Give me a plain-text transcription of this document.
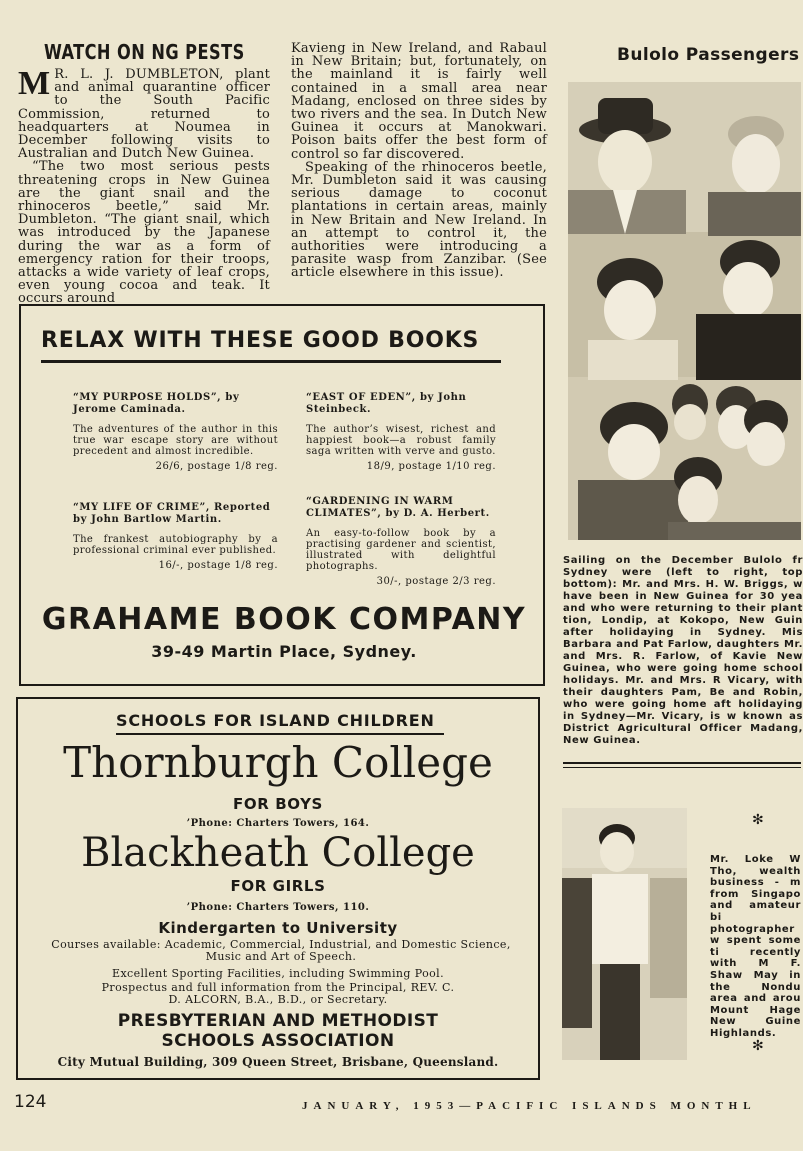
WATCH ON NG PESTS

M R. L. J. DUMBLETON, plant and animal quarantine officer to the South Pacific Commission, returned to headquarters at Noumea in December following visits to Australian and Dutch New Guinea.

“The two most serious pests threatening crops in New Guinea are the giant snail and the rhinoceros beetle,” said Mr. Dumbleton. “The giant snail, which was introduced by the Japanese during the war as a form of emergency ration for their troops, attacks a wide variety of leaf crops, even young cocoa and teak. It occurs around

Kavieng in New Ireland, and Rabaul in New Britain; but, fortunately, on the mainland it is fairly well contained in a small area near Madang, enclosed on three sides by two rivers and the sea. In Dutch New Guinea it occurs at Manokwari. Poison baits offer the best form of control so far discovered.

Speaking of the rhinoceros beetle, Mr. Dumbleton said it was causing serious damage to coconut plantations in certain areas, mainly in New Britain and New Ireland. In an attempt to control it, the authorities were introducing a parasite wasp from Zanzibar. (See article elsewhere in this issue).

RELAX WITH THESE GOOD BOOKS
“MY PURPOSE HOLDS”, by Jerome Caminada.
The adventures of the author in this true war escape story are without precedent and almost incredible.
26/6, postage 1/8 reg.
“MY LIFE OF CRIME”, Reported by John Bartlow Martin.
The frankest autobiography by a professional criminal ever published.
16/-, postage 1/8 reg.
“EAST OF EDEN”, by John Steinbeck.
The author’s wisest, richest and happiest book—a robust family saga written with verve and gusto.
18/9, postage 1/10 reg.
“GARDENING IN WARM CLIMATES”, by D. A. Herbert.
An easy-to-follow book by a practising gardener and scientist, illustrated with delightful photographs.
30/-, postage 2/3 reg.
GRAHAME BOOK COMPANY
39-49 Martin Place, Sydney.
SCHOOLS FOR ISLAND CHILDREN
Thornburgh College
FOR BOYS
’Phone: Charters Towers, 164.
Blackheath College
FOR GIRLS
’Phone: Charters Towers, 110.
Kindergarten to University
Courses available: Academic, Commercial, Industrial, and Domestic Science, Music and Art of Speech.
Excellent Sporting Facilities, including Swimming Pool.
Prospectus and full information from the Principal, REV. C. D. ALCORN, B.A., B.D., or Secretary.
PRESBYTERIAN AND METHODIST SCHOOLS ASSOCIATION
City Mutual Building, 309 Queen Street, Brisbane, Queensland.
Bulolo Passengers
Sailing on the December Bulolo fr Sydney were (left to right, top bottom): Mr. and Mrs. H. W. Briggs, w have been in New Guinea for 30 yea and who were returning to their plant tion, Londip, at Kokopo, New Guin after holidaying in Sydney. Mis Barbara and Pat Farlow, daughters Mr. and Mrs. R. Farlow, of Kavie New Guinea, who were going home school holidays. Mr. and Mrs. R Vicary, with their daughters Pam, Be and Robin, who were going home aft holidaying in Sydney—Mr. Vicary, is w known as District Agricultural Officer Madang, New Guinea.
✻
Mr. Loke W Tho, wealth business - m from Singapo and amateur bi photographer w spent some ti recently with M F. Shaw May in the Nondu area and arou Mount Hage New Guine Highlands.
✻
124	JANUARY, 1953—PACIFIC ISLANDS MONTHL
